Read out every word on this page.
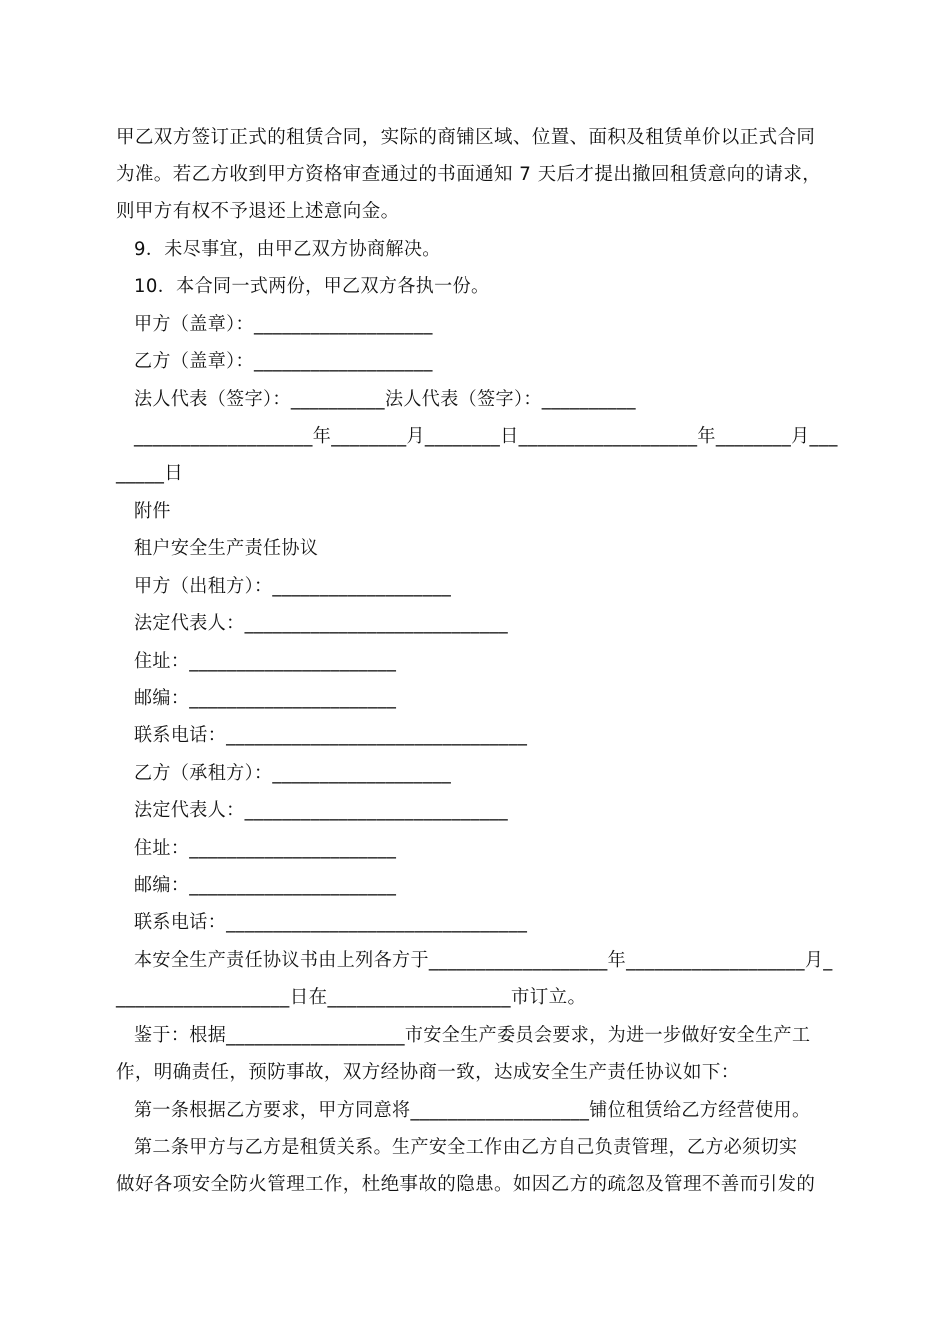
甲乙双方签订正式的租赁合同，实际的商铺区域、位置、面积及租赁单价以正式合同
为准。若乙方收到甲方资格审查通过的书面通知 7 天后才提出撤回租赁意向的请求，
则甲方有权不予退还上述意向金。
9．未尽事宜，由甲乙双方协商解决。
10．本合同一式两份，甲乙双方各执一份。
甲方（盖章）：___________________
乙方（盖章）：___________________
法人代表（签字）：__________法人代表（签字）：__________
___________________年________月________日___________________年________月___
_____日
附件
租户安全生产责任协议
甲方（出租方）：___________________
法定代表人：____________________________
住址：______________________
邮编：______________________
联系电话：________________________________
乙方（承租方）：___________________
法定代表人：____________________________
住址：______________________
邮编：______________________
联系电话：________________________________
本安全生产责任协议书由上列各方于___________________年___________________月_
__________________日在___________________市订立。
鉴于：根据___________________市安全生产委员会要求，为进一步做好安全生产工
作，明确责任，预防事故，双方经协商一致，达成安全生产责任协议如下：
第一条根据乙方要求，甲方同意将___________________铺位租赁给乙方经营使用。
第二条甲方与乙方是租赁关系。生产安全工作由乙方自己负责管理，乙方必须切实
做好各项安全防火管理工作，杜绝事故的隐患。如因乙方的疏忽及管理不善而引发的
